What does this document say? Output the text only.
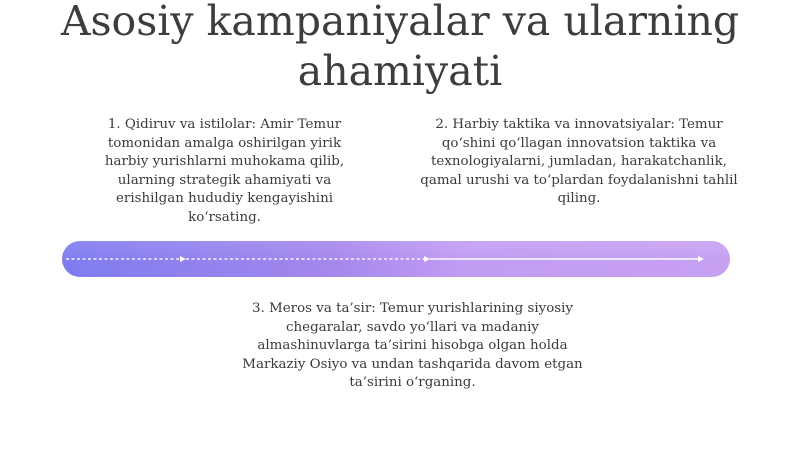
Asosiy kampaniyalar va ularning ahamiyati
1. Qidiruv va istilolar: Amir Temur tomonidan amalga oshirilgan yirik harbiy yurishlarni muhokama qilib, ularning strategik ahamiyati va erishilgan hududiy kengayishini ko‘rsating.
2. Harbiy taktika va innovatsiyalar: Temur qo‘shini qo‘llagan innovatsion taktika va texnologiyalarni, jumladan, harakatchanlik, qamal urushi va to‘plardan foydalanishni tahlil qiling.
3. Meros va ta’sir: Temur yurishlarining siyosiy chegaralar, savdo yo‘llari va madaniy almashinuvlarga ta’sirini hisobga olgan holda Markaziy Osiyo va undan tashqarida davom etgan ta’sirini o‘rganing.
